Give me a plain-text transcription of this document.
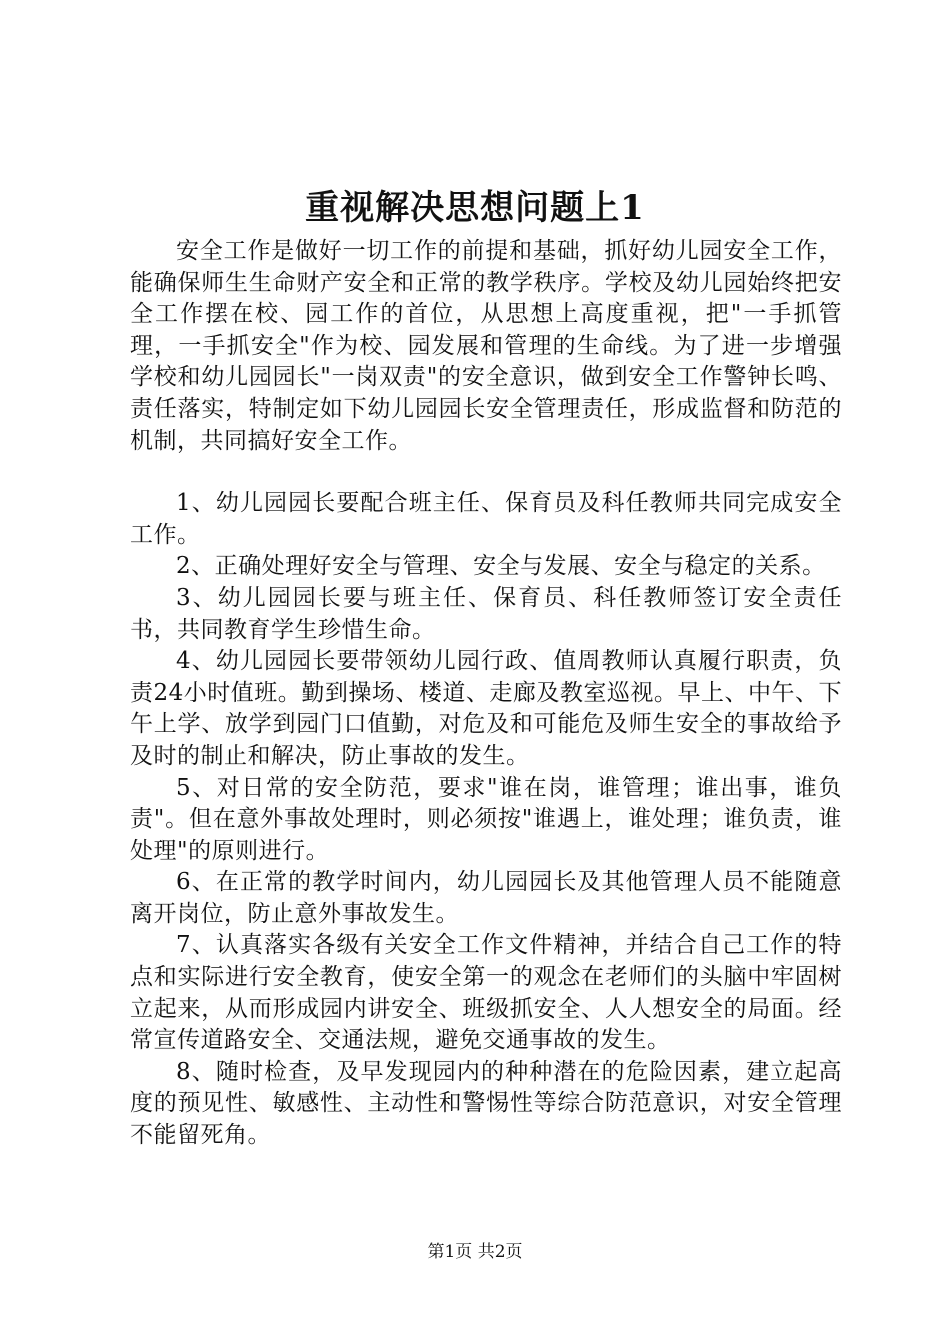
重视解决思想问题上1

安全工作是做好一切工作的前提和基础，抓好幼儿园安全工作，能确保师生生命财产安全和正常的教学秩序。学校及幼儿园始终把安全工作摆在校、园工作的首位，从思想上高度重视，把"一手抓管理，一手抓安全"作为校、园发展和管理的生命线。为了进一步增强学校和幼儿园园长"一岗双责"的安全意识，做到安全工作警钟长鸣、责任落实，特制定如下幼儿园园长安全管理责任，形成监督和防范的机制，共同搞好安全工作。

1、幼儿园园长要配合班主任、保育员及科任教师共同完成安全工作。

2、正确处理好安全与管理、安全与发展、安全与稳定的关系。

3、幼儿园园长要与班主任、保育员、科任教师签订安全责任书，共同教育学生珍惜生命。

4、幼儿园园长要带领幼儿园行政、值周教师认真履行职责，负责24小时值班。勤到操场、楼道、走廊及教室巡视。早上、中午、下午上学、放学到园门口值勤，对危及和可能危及师生安全的事故给予及时的制止和解决，防止事故的发生。

5、对日常的安全防范，要求"谁在岗，谁管理；谁出事，谁负责"。但在意外事故处理时，则必须按"谁遇上，谁处理；谁负责，谁处理"的原则进行。

6、在正常的教学时间内，幼儿园园长及其他管理人员不能随意离开岗位，防止意外事故发生。

7、认真落实各级有关安全工作文件精神，并结合自己工作的特点和实际进行安全教育，使安全第一的观念在老师们的头脑中牢固树立起来，从而形成园内讲安全、班级抓安全、人人想安全的局面。经常宣传道路安全、交通法规，避免交通事故的发生。

8、随时检查，及早发现园内的种种潜在的危险因素，建立起高度的预见性、敏感性、主动性和警惕性等综合防范意识，对安全管理不能留死角。

第1页 共2页
